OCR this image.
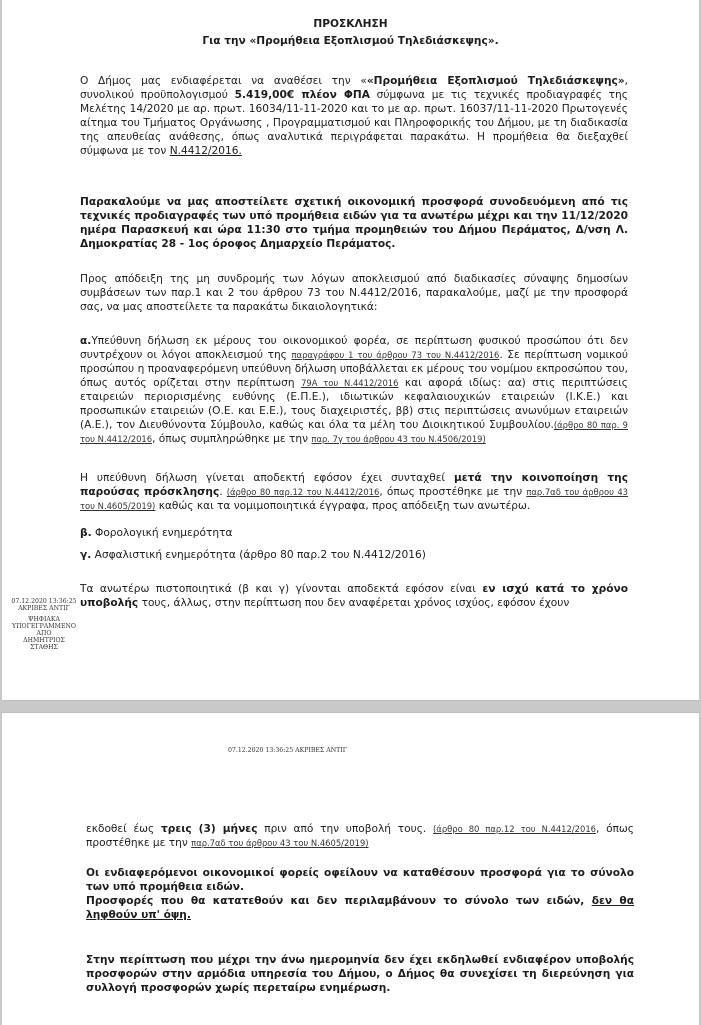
ΠΡΟΣΚΛΗΣΗ
Για την «Προμήθεια Εξοπλισμού Τηλεδιάσκεψης».
Ο Δήμος μας ενδιαφέρεται να αναθέσει την ««Προμήθεια Εξοπλισμού Τηλεδιάσκεψης», συνολικού προϋπολογισμού 5.419,00€ πλέον ΦΠΑ σύμφωνα με τις τεχνικές προδιαγραφές της Μελέτης 14/2020 με αρ. πρωτ. 16034/11-11-2020 και το με αρ. πρωτ. 16037/11-11-2020 Πρωτογενές αίτημα του Τμήματος Οργάνωσης , Προγραμματισμού και Πληροφορικής του Δήμου, με τη διαδικασία της απευθείας ανάθεσης, όπως αναλυτικά περιγράφεται παρακάτω. Η προμήθεια θα διεξαχθεί σύμφωνα με τον Ν.4412/2016.
Παρακαλούμε να μας αποστείλετε σχετική οικονομική προσφορά συνοδευόμενη από τις τεχνικές προδιαγραφές των υπό προμήθεια ειδών για τα ανωτέρω μέχρι και την 11/12/2020 ημέρα Παρασκευή και ώρα 11:30 στο τμήμα προμηθειών του Δήμου Περάματος, Δ/νση Λ. Δημοκρατίας 28 - 1ος όροφος Δημαρχείο Περάματος.
Προς απόδειξη της μη συνδρομής των λόγων αποκλεισμού από διαδικασίες σύναψης δημοσίων συμβάσεων των παρ.1 και 2 του άρθρου 73 του Ν.4412/2016, παρακαλούμε, μαζί με την προσφορά σας, να μας αποστείλετε τα παρακάτω δικαιολογητικά:
α.Υπεύθυνη δήλωση εκ μέρους του οικονομικού φορέα, σε περίπτωση φυσικού προσώπου ότι δεν συντρέχουν οι λόγοι αποκλεισμού της παραγράφου 1 του άρθρου 73 του Ν.4412/2016. Σε περίπτωση νομικού προσώπου η προαναφερόμενη υπεύθυνη δήλωση υποβάλλεται εκ μέρους του νομίμου εκπροσώπου του, όπως αυτός ορίζεται στην περίπτωση 79Α του Ν.4412/2016 και αφορά ιδίως: αα) στις περιπτώσεις εταιρειών περιορισμένης ευθύνης (Ε.Π.Ε.), ιδιωτικών κεφαλαιουχικών εταιρειών (Ι.Κ.Ε.) και προσωπικών εταιρειών (Ο.Ε. και Ε.Ε.), τους διαχειριστές, ββ) στις περιπτώσεις ανωνύμων εταιρειών (Α.Ε.), τον Διευθύνοντα Σύμβουλο, καθώς και όλα τα μέλη του Διοικητικού Συμβουλίου.(άρθρο 80 παρ. 9 του Ν.4412/2016, όπως συμπληρώθηκε με την παρ. 7γ του άρθρου 43 του Ν.4506/2019)
Η υπεύθυνη δήλωση γίνεται αποδεκτή εφόσον έχει συνταχθεί μετά την κοινοποίηση της παρούσας πρόσκλησης. (άρθρο 80 παρ.12 του Ν.4412/2016, όπως προστέθηκε με την παρ.7αδ του άρθρου 43 του Ν.4605/2019) καθώς και τα νομιμοποιητικά έγγραφα, προς απόδειξη των ανωτέρω.
β. Φορολογική ενημερότητα
γ. Ασφαλιστική ενημερότητα (άρθρο 80 παρ.2 του Ν.4412/2016)
Τα ανωτέρω πιστοποιητικά (β και γ) γίνονται αποδεκτά εφόσον είναι εν ισχύ κατά το χρόνο υποβολής τους, άλλως, στην περίπτωση που δεν αναφέρεται χρόνος ισχύος, εφόσον έχουν
07.12.2020 13:36:25
ΑΚΡΙΒΕΣ ΑΝΤΙΓ
ΨΗΦΙΑΚΑ
ΥΠΟΓΕΓΡΑΜΜΕΝΟ
ΑΠΟ
ΔΗΜΗΤΡΙΟΣ
ΣΤΑΘΗΣ
07.12.2020 13:36:25 ΑΚΡΙΒΕΣ ΑΝΤΙΓ
εκδοθεί έως τρεις (3) μήνες πριν από την υποβολή τους. (άρθρο 80 παρ.12 του Ν.4412/2016, όπως προστέθηκε με την παρ.7αδ του άρθρου 43 του Ν.4605/2019)
Οι ενδιαφερόμενοι οικονομικοί φορείς οφείλουν να καταθέσουν προσφορά για το σύνολο των υπό προμήθεια ειδών.
Προσφορές που θα κατατεθούν και δεν περιλαμβάνουν το σύνολο των ειδών, δεν θα ληφθούν υπ' όψη.
Στην περίπτωση που μέχρι την άνω ημερομηνία δεν έχει εκδηλωθεί ενδιαφέρον υποβολής προσφορών στην αρμόδια υπηρεσία του Δήμου, ο Δήμος θα συνεχίσει τη διερεύνηση για συλλογή προσφορών χωρίς περεταίρω ενημέρωση.
